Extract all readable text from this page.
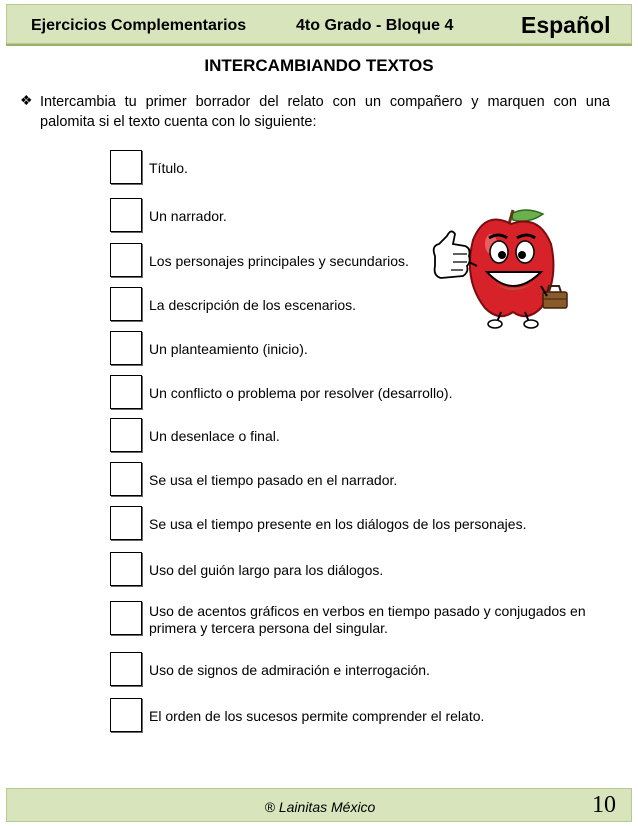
Ejercicios Complementarios	4to Grado - Bloque 4	Español
INTERCAMBIANDO TEXTOS
❖ Intercambia tu primer borrador del relato con un compañero y marquen con una palomita si el texto cuenta con lo siguiente:
Título.
Un narrador.
Los personajes principales y secundarios.
La descripción de los escenarios.
Un planteamiento (inicio).
Un conflicto o problema por resolver (desarrollo).
Un desenlace o final.
Se usa el tiempo pasado en el narrador.
Se usa el tiempo presente en los diálogos de los personajes.
Uso del guión largo para los diálogos.
Uso de acentos gráficos en verbos en tiempo pasado y conjugados en primera y tercera persona del singular.
Uso de signos de admiración e interrogación.
El orden de los sucesos permite comprender el relato.
® Lainitas México	10
